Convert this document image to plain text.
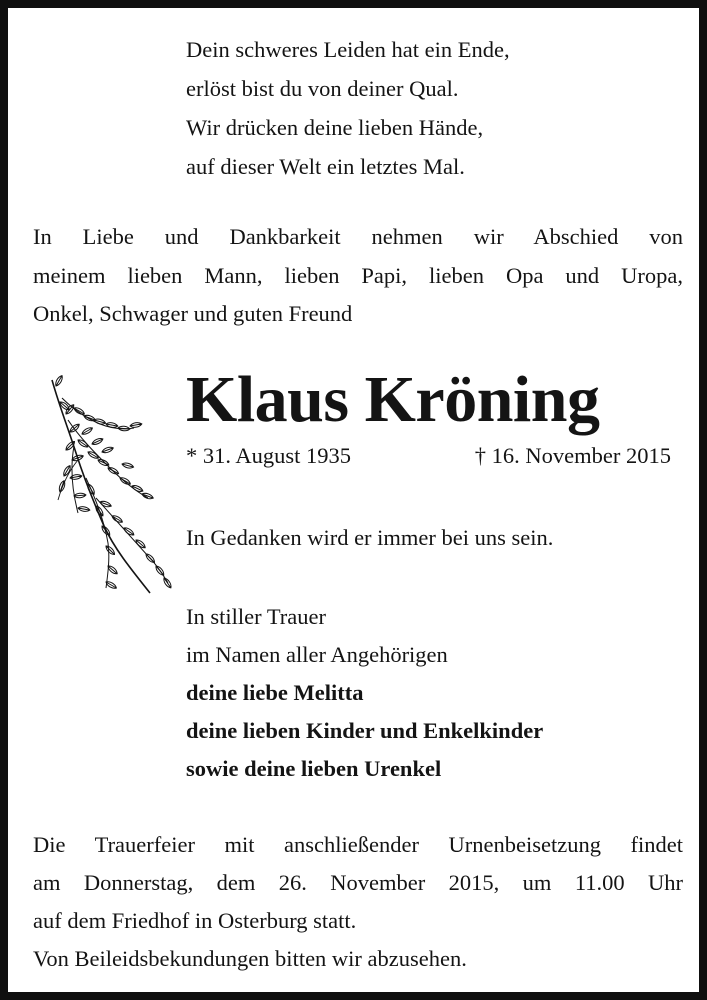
Dein schweres Leiden hat ein Ende,
erlöst bist du von deiner Qual.
Wir drücken deine lieben Hände,
auf dieser Welt ein letztes Mal.
In Liebe und Dankbarkeit nehmen wir Abschied von
meinem lieben Mann, lieben Papi, lieben Opa und Uropa,
Onkel, Schwager und guten Freund
Klaus Kröning
* 31. August 1935	† 16. November 2015
In Gedanken wird er immer bei uns sein.
In stiller Trauer
im Namen aller Angehörigen
deine liebe Melitta
deine lieben Kinder und Enkelkinder
sowie deine lieben Urenkel
Die Trauerfeier mit anschließender Urnenbeisetzung findet
am Donnerstag, dem 26. November 2015, um 11.00 Uhr
auf dem Friedhof in Osterburg statt.
Von Beileidsbekundungen bitten wir abzusehen.
